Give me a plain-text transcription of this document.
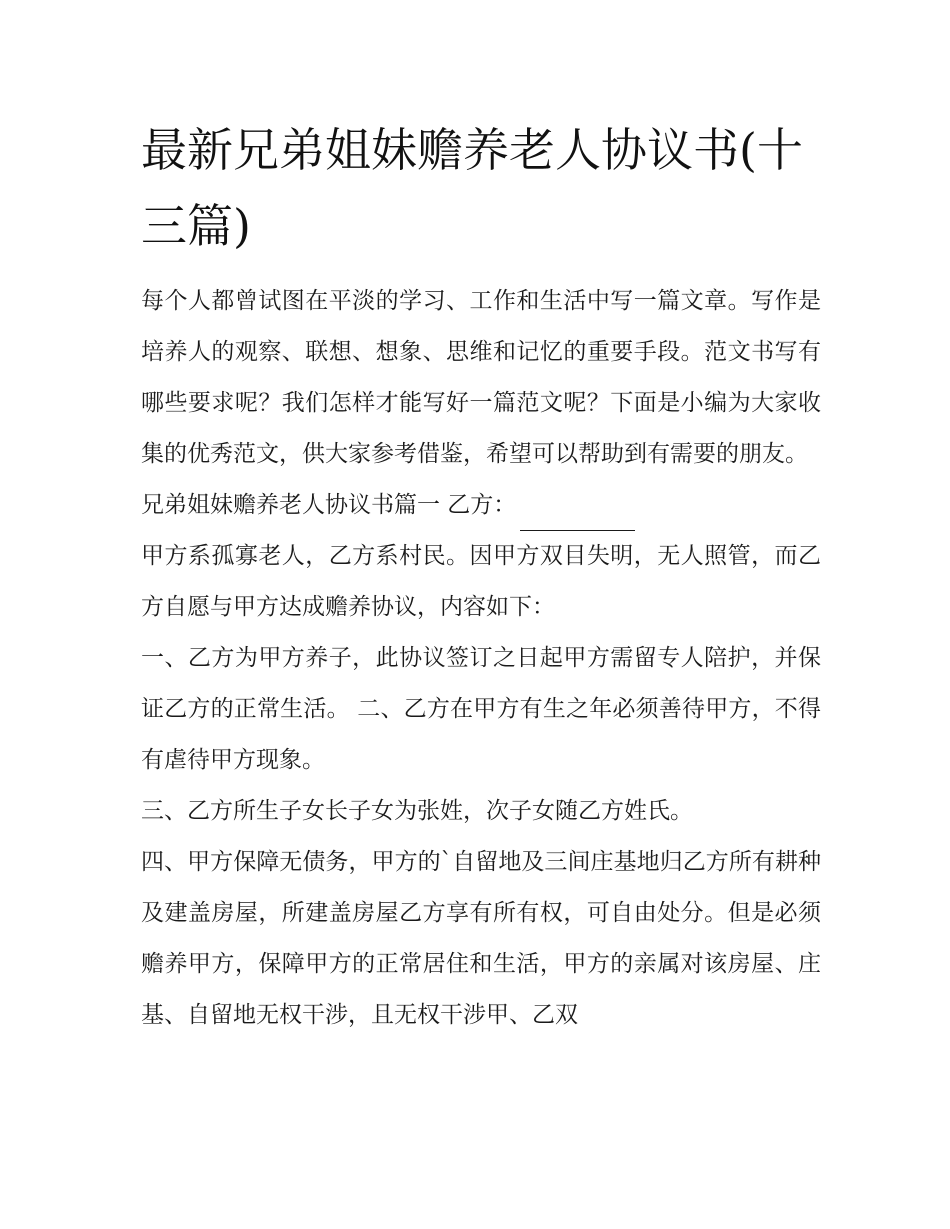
最新兄弟姐妹赡养老人协议书(十三篇)

每个人都曾试图在平淡的学习、工作和生活中写一篇文章。写作是培养人的观察、联想、想象、思维和记忆的重要手段。范文书写有哪些要求呢？我们怎样才能写好一篇范文呢？下面是小编为大家收集的优秀范文，供大家参考借鉴，希望可以帮助到有需要的朋友。

兄弟姐妹赡养老人协议书篇一 乙方：

甲方系孤寡老人，乙方系村民。因甲方双目失明，无人照管，而乙方自愿与甲方达成赡养协议，内容如下：

一、乙方为甲方养子，此协议签订之日起甲方需留专人陪护，并保证乙方的正常生活。 二、乙方在甲方有生之年必须善待甲方，不得有虐待甲方现象。

三、乙方所生子女长子女为张姓，次子女随乙方姓氏。

四、甲方保障无债务，甲方的`自留地及三间庄基地归乙方所有耕种及建盖房屋，所建盖房屋乙方享有所有权，可自由处分。但是必须赡养甲方，保障甲方的正常居住和生活，甲方的亲属对该房屋、庄基、自留地无权干涉，且无权干涉甲、乙双
